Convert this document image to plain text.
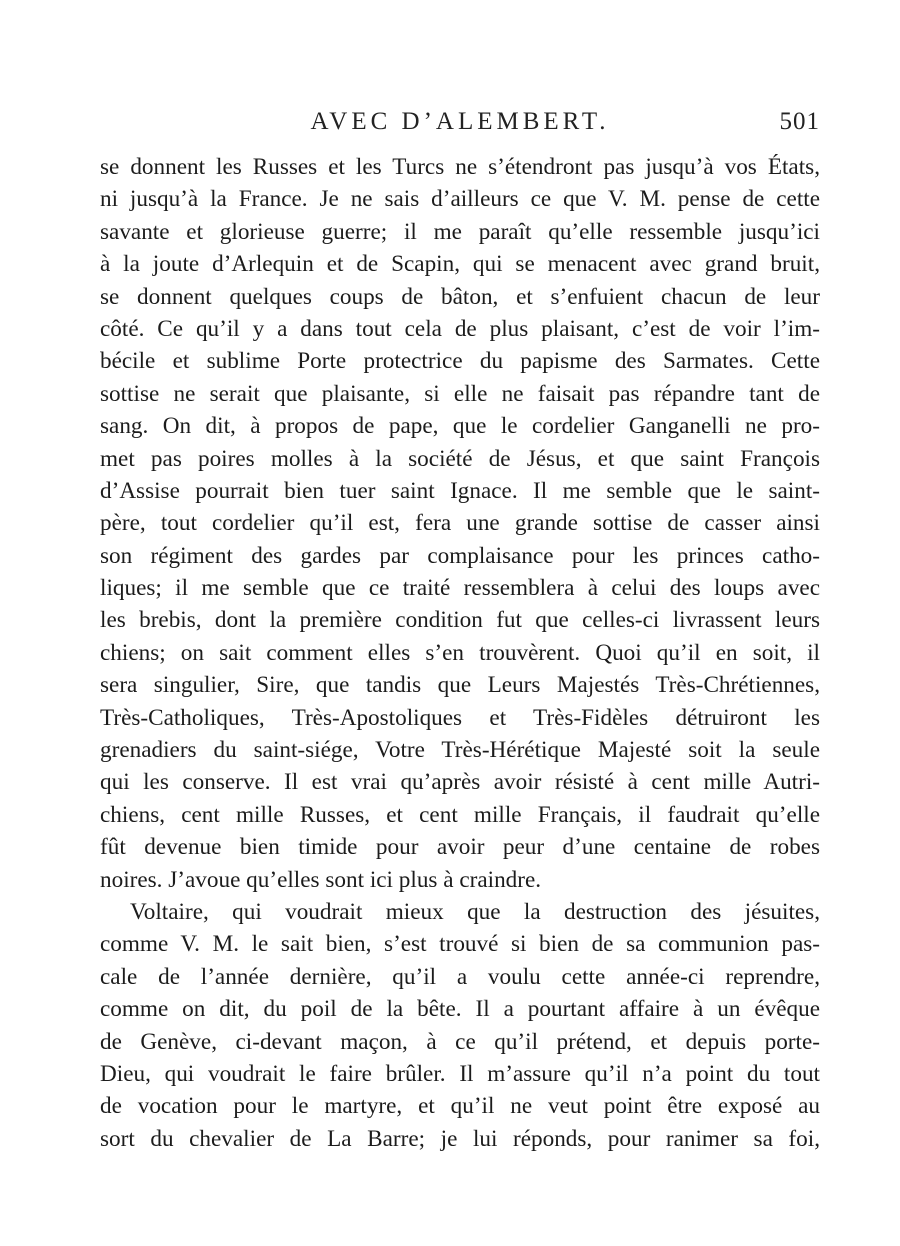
AVEC D’ALEMBERT.	501
se donnent les Russes et les Turcs ne s’étendront pas jusqu’à vos États,
ni jusqu’à la France. Je ne sais d’ailleurs ce que V. M. pense de cette
savante et glorieuse guerre; il me paraît qu’elle ressemble jusqu’ici
à la joute d’Arlequin et de Scapin, qui se menacent avec grand bruit,
se donnent quelques coups de bâton, et s’enfuient chacun de leur
côté. Ce qu’il y a dans tout cela de plus plaisant, c’est de voir l’im-
bécile et sublime Porte protectrice du papisme des Sarmates. Cette
sottise ne serait que plaisante, si elle ne faisait pas répandre tant de
sang. On dit, à propos de pape, que le cordelier Ganganelli ne pro-
met pas poires molles à la société de Jésus, et que saint François
d’Assise pourrait bien tuer saint Ignace. Il me semble que le saint-
père, tout cordelier qu’il est, fera une grande sottise de casser ainsi
son régiment des gardes par complaisance pour les princes catho-
liques; il me semble que ce traité ressemblera à celui des loups avec
les brebis, dont la première condition fut que celles-ci livrassent leurs
chiens; on sait comment elles s’en trouvèrent. Quoi qu’il en soit, il
sera singulier, Sire, que tandis que Leurs Majestés Très-Chrétiennes,
Très-Catholiques, Très-Apostoliques et Très-Fidèles détruiront les
grenadiers du saint-siége, Votre Très-Hérétique Majesté soit la seule
qui les conserve. Il est vrai qu’après avoir résisté à cent mille Autri-
chiens, cent mille Russes, et cent mille Français, il faudrait qu’elle
fût devenue bien timide pour avoir peur d’une centaine de robes
noires. J’avoue qu’elles sont ici plus à craindre.
Voltaire, qui voudrait mieux que la destruction des jésuites,
comme V. M. le sait bien, s’est trouvé si bien de sa communion pas-
cale de l’année dernière, qu’il a voulu cette année-ci reprendre,
comme on dit, du poil de la bête. Il a pourtant affaire à un évêque
de Genève, ci-devant maçon, à ce qu’il prétend, et depuis porte-
Dieu, qui voudrait le faire brûler. Il m’assure qu’il n’a point du tout
de vocation pour le martyre, et qu’il ne veut point être exposé au
sort du chevalier de La Barre; je lui réponds, pour ranimer sa foi,
